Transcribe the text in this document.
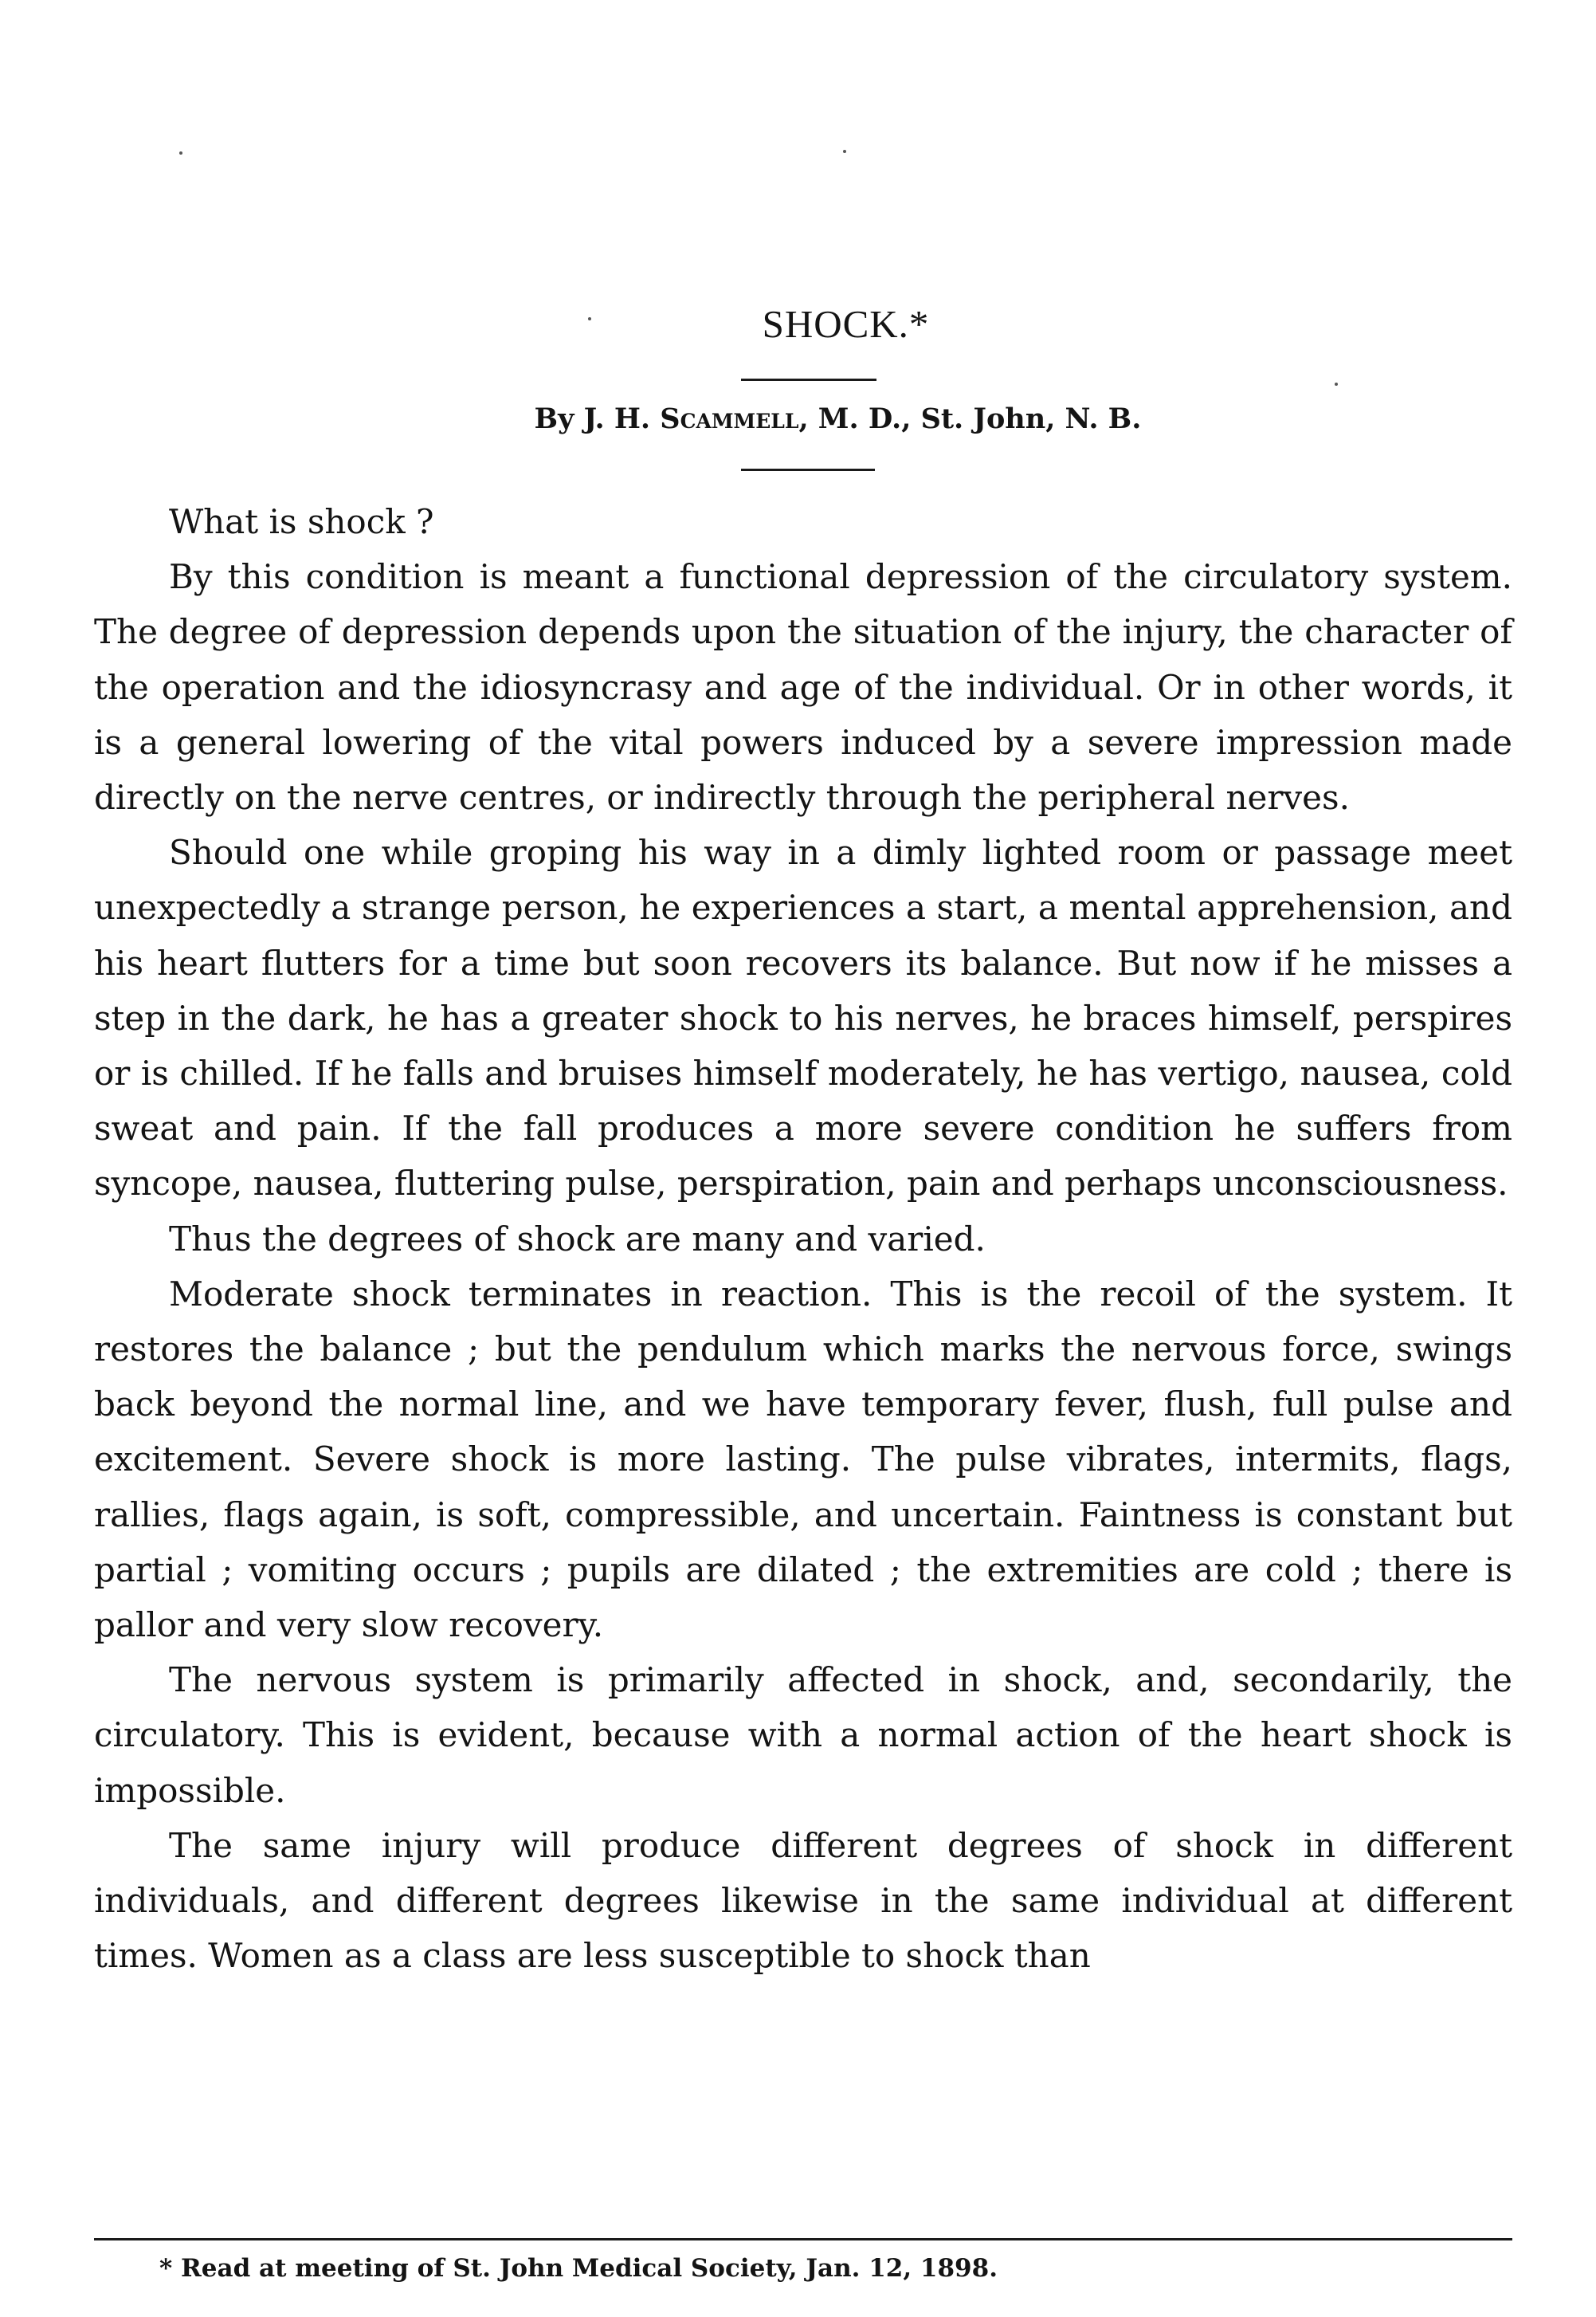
SHOCK.*

By J. H. Scammell, M. D., St. John, N. B.

What is shock ?

By this condition is meant a functional depression of the circulatory system. The degree of depression depends upon the situation of the injury, the character of the operation and the idiosyncrasy and age of the individual. Or in other words, it is a general lowering of the vital powers induced by a severe impression made directly on the nerve centres, or indirectly through the peripheral nerves.

Should one while groping his way in a dimly lighted room or passage meet unexpectedly a strange person, he experiences a start, a mental apprehension, and his heart flutters for a time but soon recovers its balance. But now if he misses a step in the dark, he has a greater shock to his nerves, he braces himself, perspires or is chilled. If he falls and bruises himself moderately, he has vertigo, nausea, cold sweat and pain. If the fall produces a more severe condition he suffers from syncope, nausea, fluttering pulse, perspiration, pain and perhaps unconsciousness.

Thus the degrees of shock are many and varied.

Moderate shock terminates in reaction. This is the recoil of the system. It restores the balance ; but the pendulum which marks the nervous force, swings back beyond the normal line, and we have temporary fever, flush, full pulse and excitement. Severe shock is more lasting. The pulse vibrates, intermits, flags, rallies, flags again, is soft, compressible, and uncertain. Faintness is constant but partial ; vomiting occurs ; pupils are dilated ; the extremities are cold ; there is pallor and very slow recovery.

The nervous system is primarily affected in shock, and, secondarily, the circulatory. This is evident, because with a normal action of the heart shock is impossible.

The same injury will produce different degrees of shock in different individuals, and different degrees likewise in the same individual at different times. Women as a class are less susceptible to shock than

* Read at meeting of St. John Medical Society, Jan. 12, 1898.
